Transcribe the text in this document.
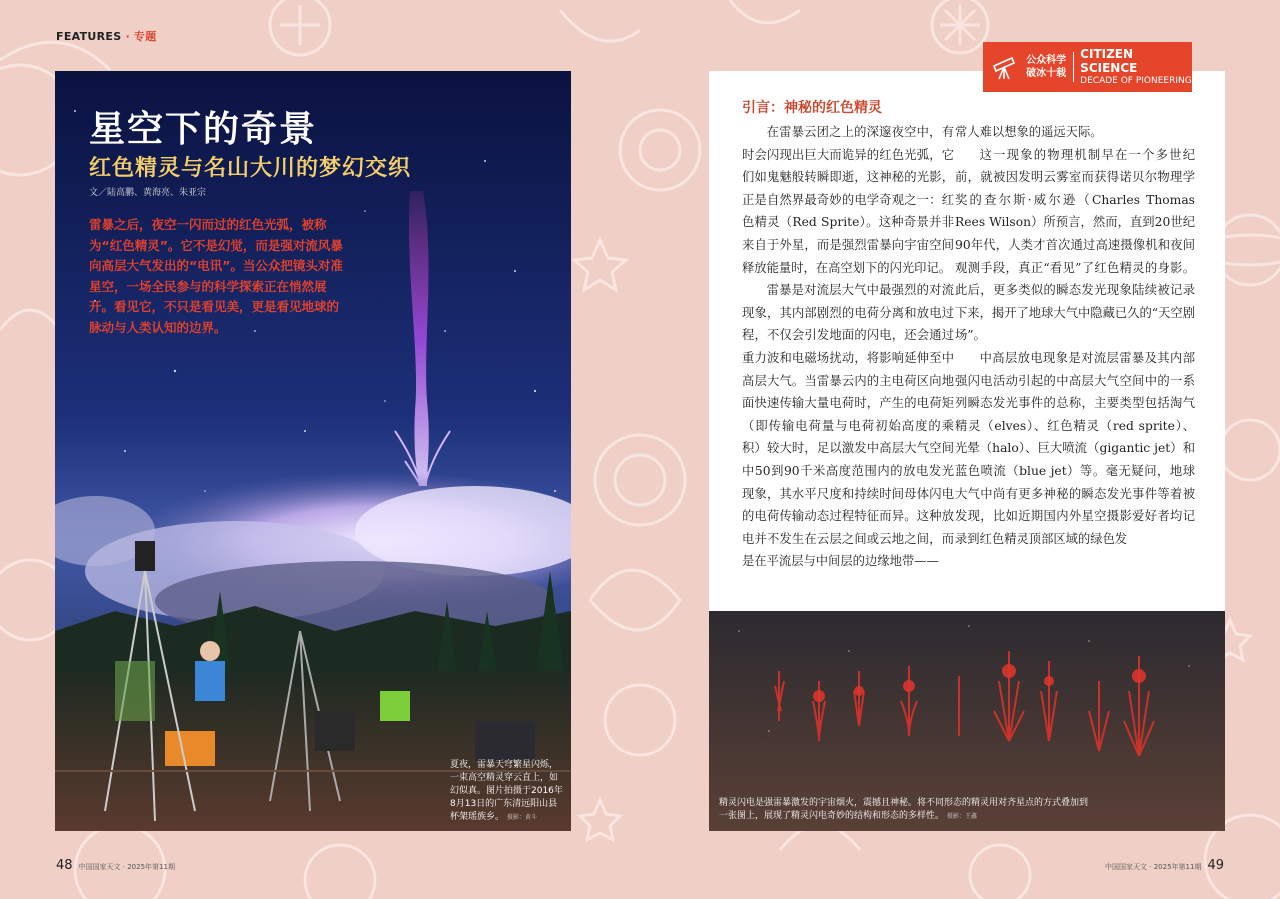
FEATURES · 专题
星空下的奇景
红色精灵与名山大川的梦幻交织
文／陆高鹏、黄海亮、朱亚宗
雷暴之后，夜空一闪而过的红色光弧，被称为“红色精灵”。它不是幻觉，而是强对流风暴向高层大气发出的“电讯”。当公众把镜头对准星空，一场全民参与的科学探索正在悄然展开。看见它，不只是看见美，更是看见地球的脉动与人类认知的边界。
夏夜，雷暴天穹繁星闪烁，一束高空精灵穿云直上，如幻似真。图片拍摄于2016年8月13日的广东清远阳山县杯架瑶族乡。 摄影：黄斗
引言：神秘的红色精灵

在雷暴云团之上的深邃夜空中，有时会闪现出巨大而诡异的红色光弧，它们如鬼魅般转瞬即逝，这神秘的光影，正是自然界最奇妙的电学奇观之一：红色精灵（Red Sprite）。这种奇景并非来自于外星，而是强烈雷暴向宇宙空间释放能量时，在高空划下的闪光印记。

雷暴是对流层大气中最强烈的对流现象，其内部剧烈的电荷分离和放电过程，不仅会引发地面的闪电，还会通过重力波和电磁场扰动，将影响延伸至中高层大气。当雷暴云内的主电荷区向地面快速传输大量电荷时，产生的电荷矩（即传输电荷量与电荷初始高度的乘积）较大时，足以激发中高层大气空间中50到90千米高度范围内的放电发光现象，其水平尺度和持续时间母体闪电的电荷传输动态过程特征而异。这种放电并不发生在云层之间或云地之间，而是在平流层与中间层的边缘地带——

常人难以想象的遥远天际。

这一现象的物理机制早在一个多世纪前，就被因发明云雾室而获得诺贝尔物理学奖的查尔斯·威尔逊（Charles Thomas Rees Wilson）所预言，然而，直到20世纪90年代，人类才首次通过高速摄像机和夜间观测手段，真正“看见”了红色精灵的身影。此后，更多类似的瞬态发光现象陆续被记录下来，揭开了地球大气中隐藏已久的“天空剧场”。

中高层放电现象是对流层雷暴及其内部强闪电活动引起的中高层大气空间中的一系列瞬态发光事件的总称，主要类型包括淘气精灵（elves）、红色精灵（red sprite）、光晕（halo）、巨大喷流（gigantic jet）和蓝色喷流（blue jet）等。毫无疑问，地球大气中尚有更多神秘的瞬态发光事件等着被发现，比如近期国内外星空摄影爱好者均记录到红色精灵顶部区域的绿色发

公众科学
破冰十载
CITIZEN SCIENCE
DECADE OF PIONEERING
精灵闪电是强雷暴激发的宇宙烟火，震撼且神秘。将不同形态的精灵用对齐星点的方式叠加到一张图上，展现了精灵闪电奇妙的结构和形态的多样性。 摄影：王鑫
48 中国国家天文 · 2025年第11期	中国国家天文 · 2025年第11期 49
